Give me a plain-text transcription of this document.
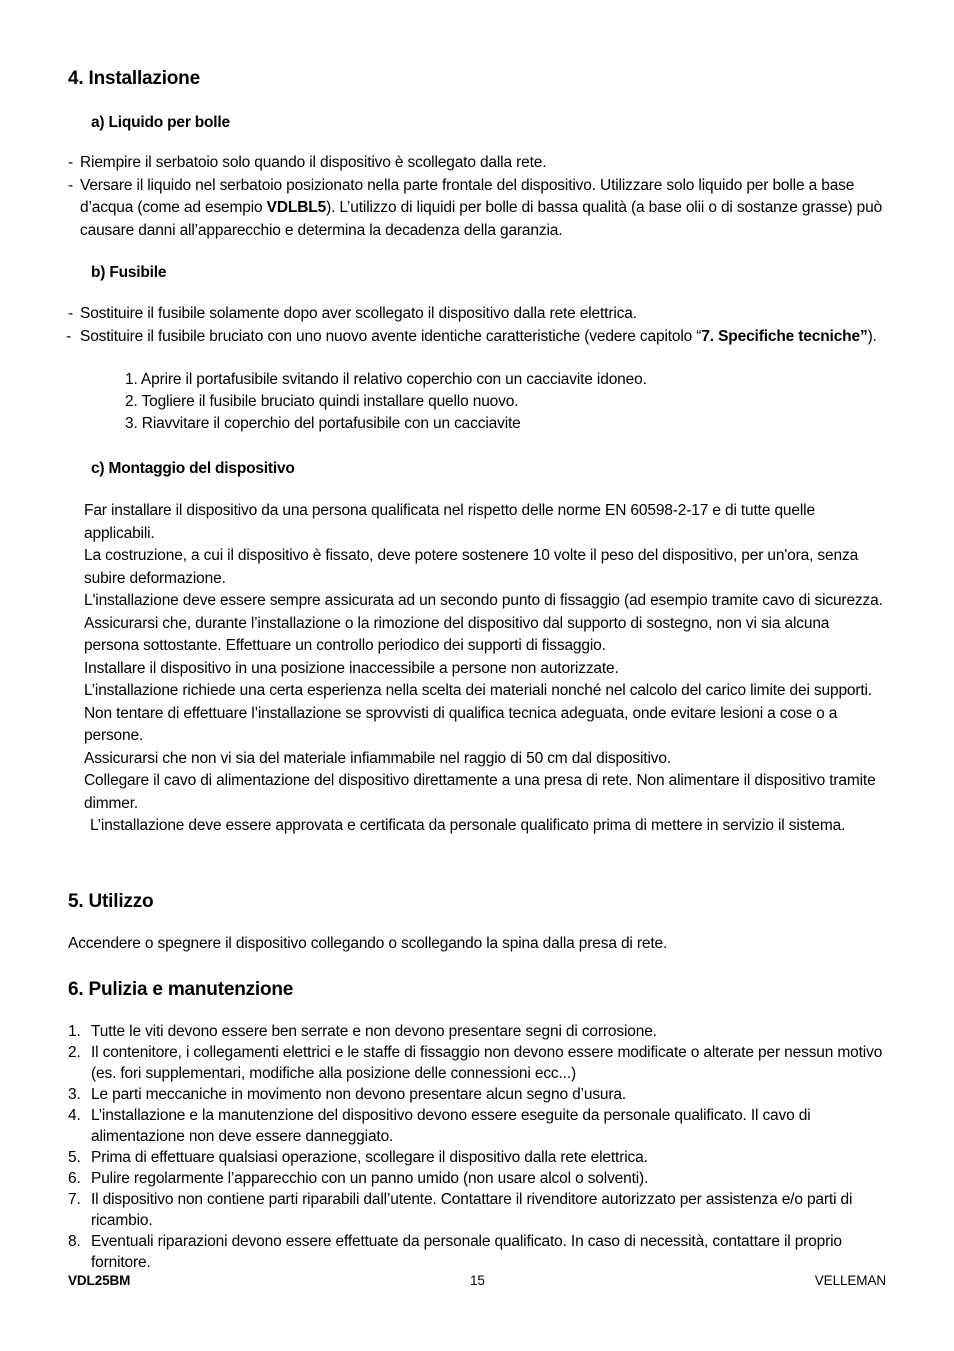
4. Installazione
a) Liquido per bolle
- Riempire il serbatoio solo quando il dispositivo è scollegato dalla rete.
- Versare il liquido nel serbatoio posizionato nella parte frontale del dispositivo. Utilizzare solo liquido per bolle a base d’acqua (come ad esempio VDLBL5). L’utilizzo di liquidi per bolle di bassa qualità (a base olii o di sostanze grasse) può causare danni all’apparecchio e determina la decadenza della garanzia.
b) Fusibile
- Sostituire il fusibile solamente dopo aver scollegato il dispositivo dalla rete elettrica.
- Sostituire il fusibile bruciato con uno nuovo avente identiche caratteristiche (vedere capitolo “7. Specifiche tecniche”).
1. Aprire il portafusibile svitando il relativo coperchio con un cacciavite idoneo.
2. Togliere il fusibile bruciato quindi installare quello nuovo.
3. Riavvitare il coperchio del portafusibile con un cacciavite
c) Montaggio del dispositivo
Far installare il dispositivo da una persona qualificata nel rispetto delle norme EN 60598-2-17 e di tutte quelle applicabili.
La costruzione, a cui il dispositivo è fissato, deve potere sostenere 10 volte il peso del dispositivo, per un'ora, senza subire deformazione.
L'installazione deve essere sempre assicurata ad un secondo punto di fissaggio (ad esempio tramite cavo di sicurezza.
Assicurarsi che, durante l’installazione o la rimozione del dispositivo dal supporto di sostegno, non vi sia alcuna persona sottostante. Effettuare un controllo periodico dei supporti di fissaggio.
Installare il dispositivo in una posizione inaccessibile a persone non autorizzate.
L’installazione richiede una certa esperienza nella scelta dei materiali nonché nel calcolo del carico limite dei supporti. Non tentare di effettuare l’installazione se sprovvisti di qualifica tecnica adeguata, onde evitare lesioni a cose o a persone.
Assicurarsi che non vi sia del materiale infiammabile nel raggio di 50 cm dal dispositivo.
Collegare il cavo di alimentazione del dispositivo direttamente a una presa di rete. Non alimentare il dispositivo tramite dimmer.
L’installazione deve essere approvata e certificata da personale qualificato prima di mettere in servizio il sistema.
5. Utilizzo
Accendere o spegnere il dispositivo collegando o scollegando la spina dalla presa di rete.
6. Pulizia e manutenzione
1. Tutte le viti devono essere ben serrate e non devono presentare segni di corrosione.
2. Il contenitore, i collegamenti elettrici e le staffe di fissaggio non devono essere modificate o alterate per nessun motivo (es. fori supplementari, modifiche alla posizione delle connessioni ecc...)
3. Le parti meccaniche in movimento non devono presentare alcun segno d’usura.
4. L’installazione e la manutenzione del dispositivo devono essere eseguite da personale qualificato. Il cavo di alimentazione non deve essere danneggiato.
5. Prima di effettuare qualsiasi operazione, scollegare il dispositivo dalla rete elettrica.
6. Pulire regolarmente l’apparecchio con un panno umido (non usare alcol o solventi).
7. Il dispositivo non contiene parti riparabili dall’utente. Contattare il rivenditore autorizzato per assistenza e/o parti di ricambio.
8. Eventuali riparazioni devono essere effettuate da personale qualificato. In caso di necessità, contattare il proprio fornitore.
VDL25BM	15	VELLEMAN
